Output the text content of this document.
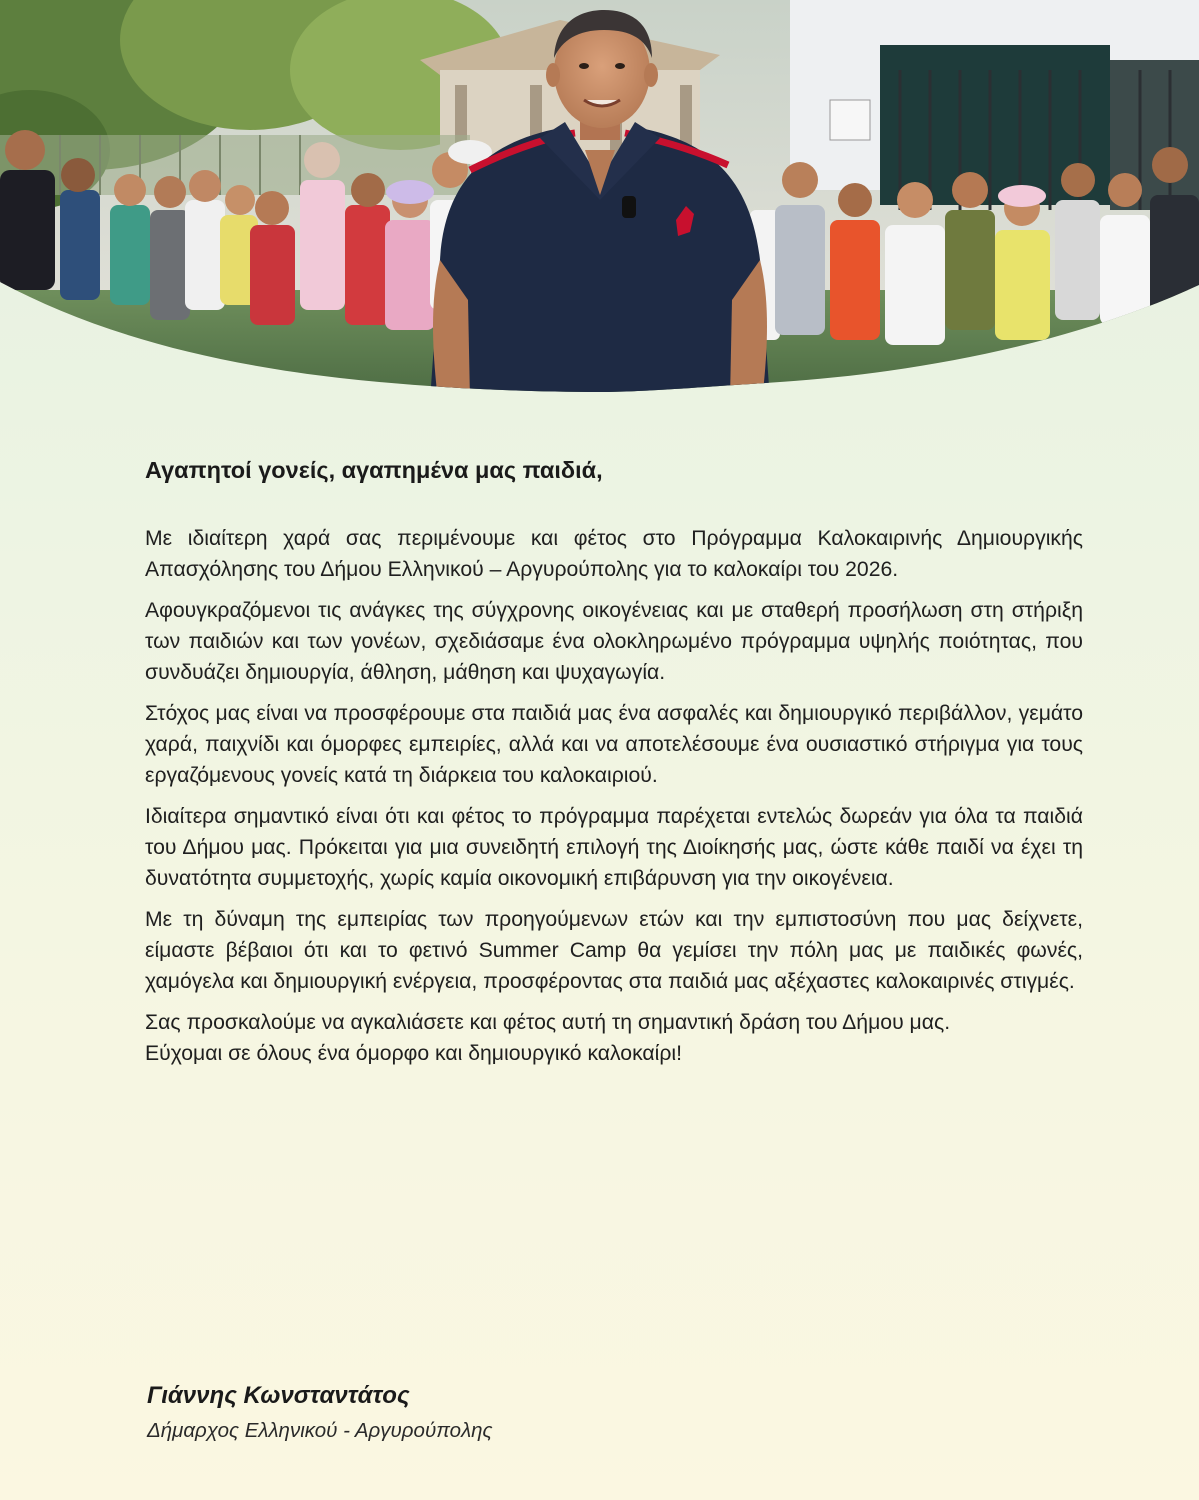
Αγαπητοί γονείς, αγαπημένα μας παιδιά,

Με ιδιαίτερη χαρά σας περιμένουμε και φέτος στο Πρόγραμμα Καλοκαιρινής Δημιουργικής Απασχόλησης του Δήμου Ελληνικού – Αργυρούπολης για το καλοκαίρι του 2026.

Αφουγκραζόμενοι τις ανάγκες της σύγχρονης οικογένειας και με σταθερή προσήλωση στη στήριξη των παιδιών και των γονέων, σχεδιάσαμε ένα ολοκληρωμένο πρόγραμμα υψηλής ποιότητας, που συνδυάζει δημιουργία, άθληση, μάθηση και ψυχαγωγία.

Στόχος μας είναι να προσφέρουμε στα παιδιά μας ένα ασφαλές και δημιουργικό περιβάλλον, γεμάτο χαρά, παιχνίδι και όμορφες εμπειρίες, αλλά και να αποτελέσουμε ένα ουσιαστικό στήριγμα για τους εργαζόμενους γονείς κατά τη διάρκεια του καλοκαιριού.

Ιδιαίτερα σημαντικό είναι ότι και φέτος το πρόγραμμα παρέχεται εντελώς δωρεάν για όλα τα παιδιά του Δήμου μας. Πρόκειται για μια συνειδητή επιλογή της Διοίκησής μας, ώστε κάθε παιδί να έχει τη δυνατότητα συμμετοχής, χωρίς καμία οικονομική επιβάρυνση για την οικογένεια.

Με τη δύναμη της εμπειρίας των προηγούμενων ετών και την εμπιστοσύνη που μας δείχνετε, είμαστε βέβαιοι ότι και το φετινό Summer Camp θα γεμίσει την πόλη μας με παιδικές φωνές, χαμόγελα και δημιουργική ενέργεια, προσφέροντας στα παιδιά μας αξέχαστες καλοκαιρινές στιγμές.

Σας προσκαλούμε να αγκαλιάσετε και φέτος αυτή τη σημαντική δράση του Δήμου μας.

Εύχομαι σε όλους ένα όμορφο και δημιουργικό καλοκαίρι!

Γιάννης Κωνσταντάτος
Δήμαρχος Ελληνικού - Αργυρούπολης
